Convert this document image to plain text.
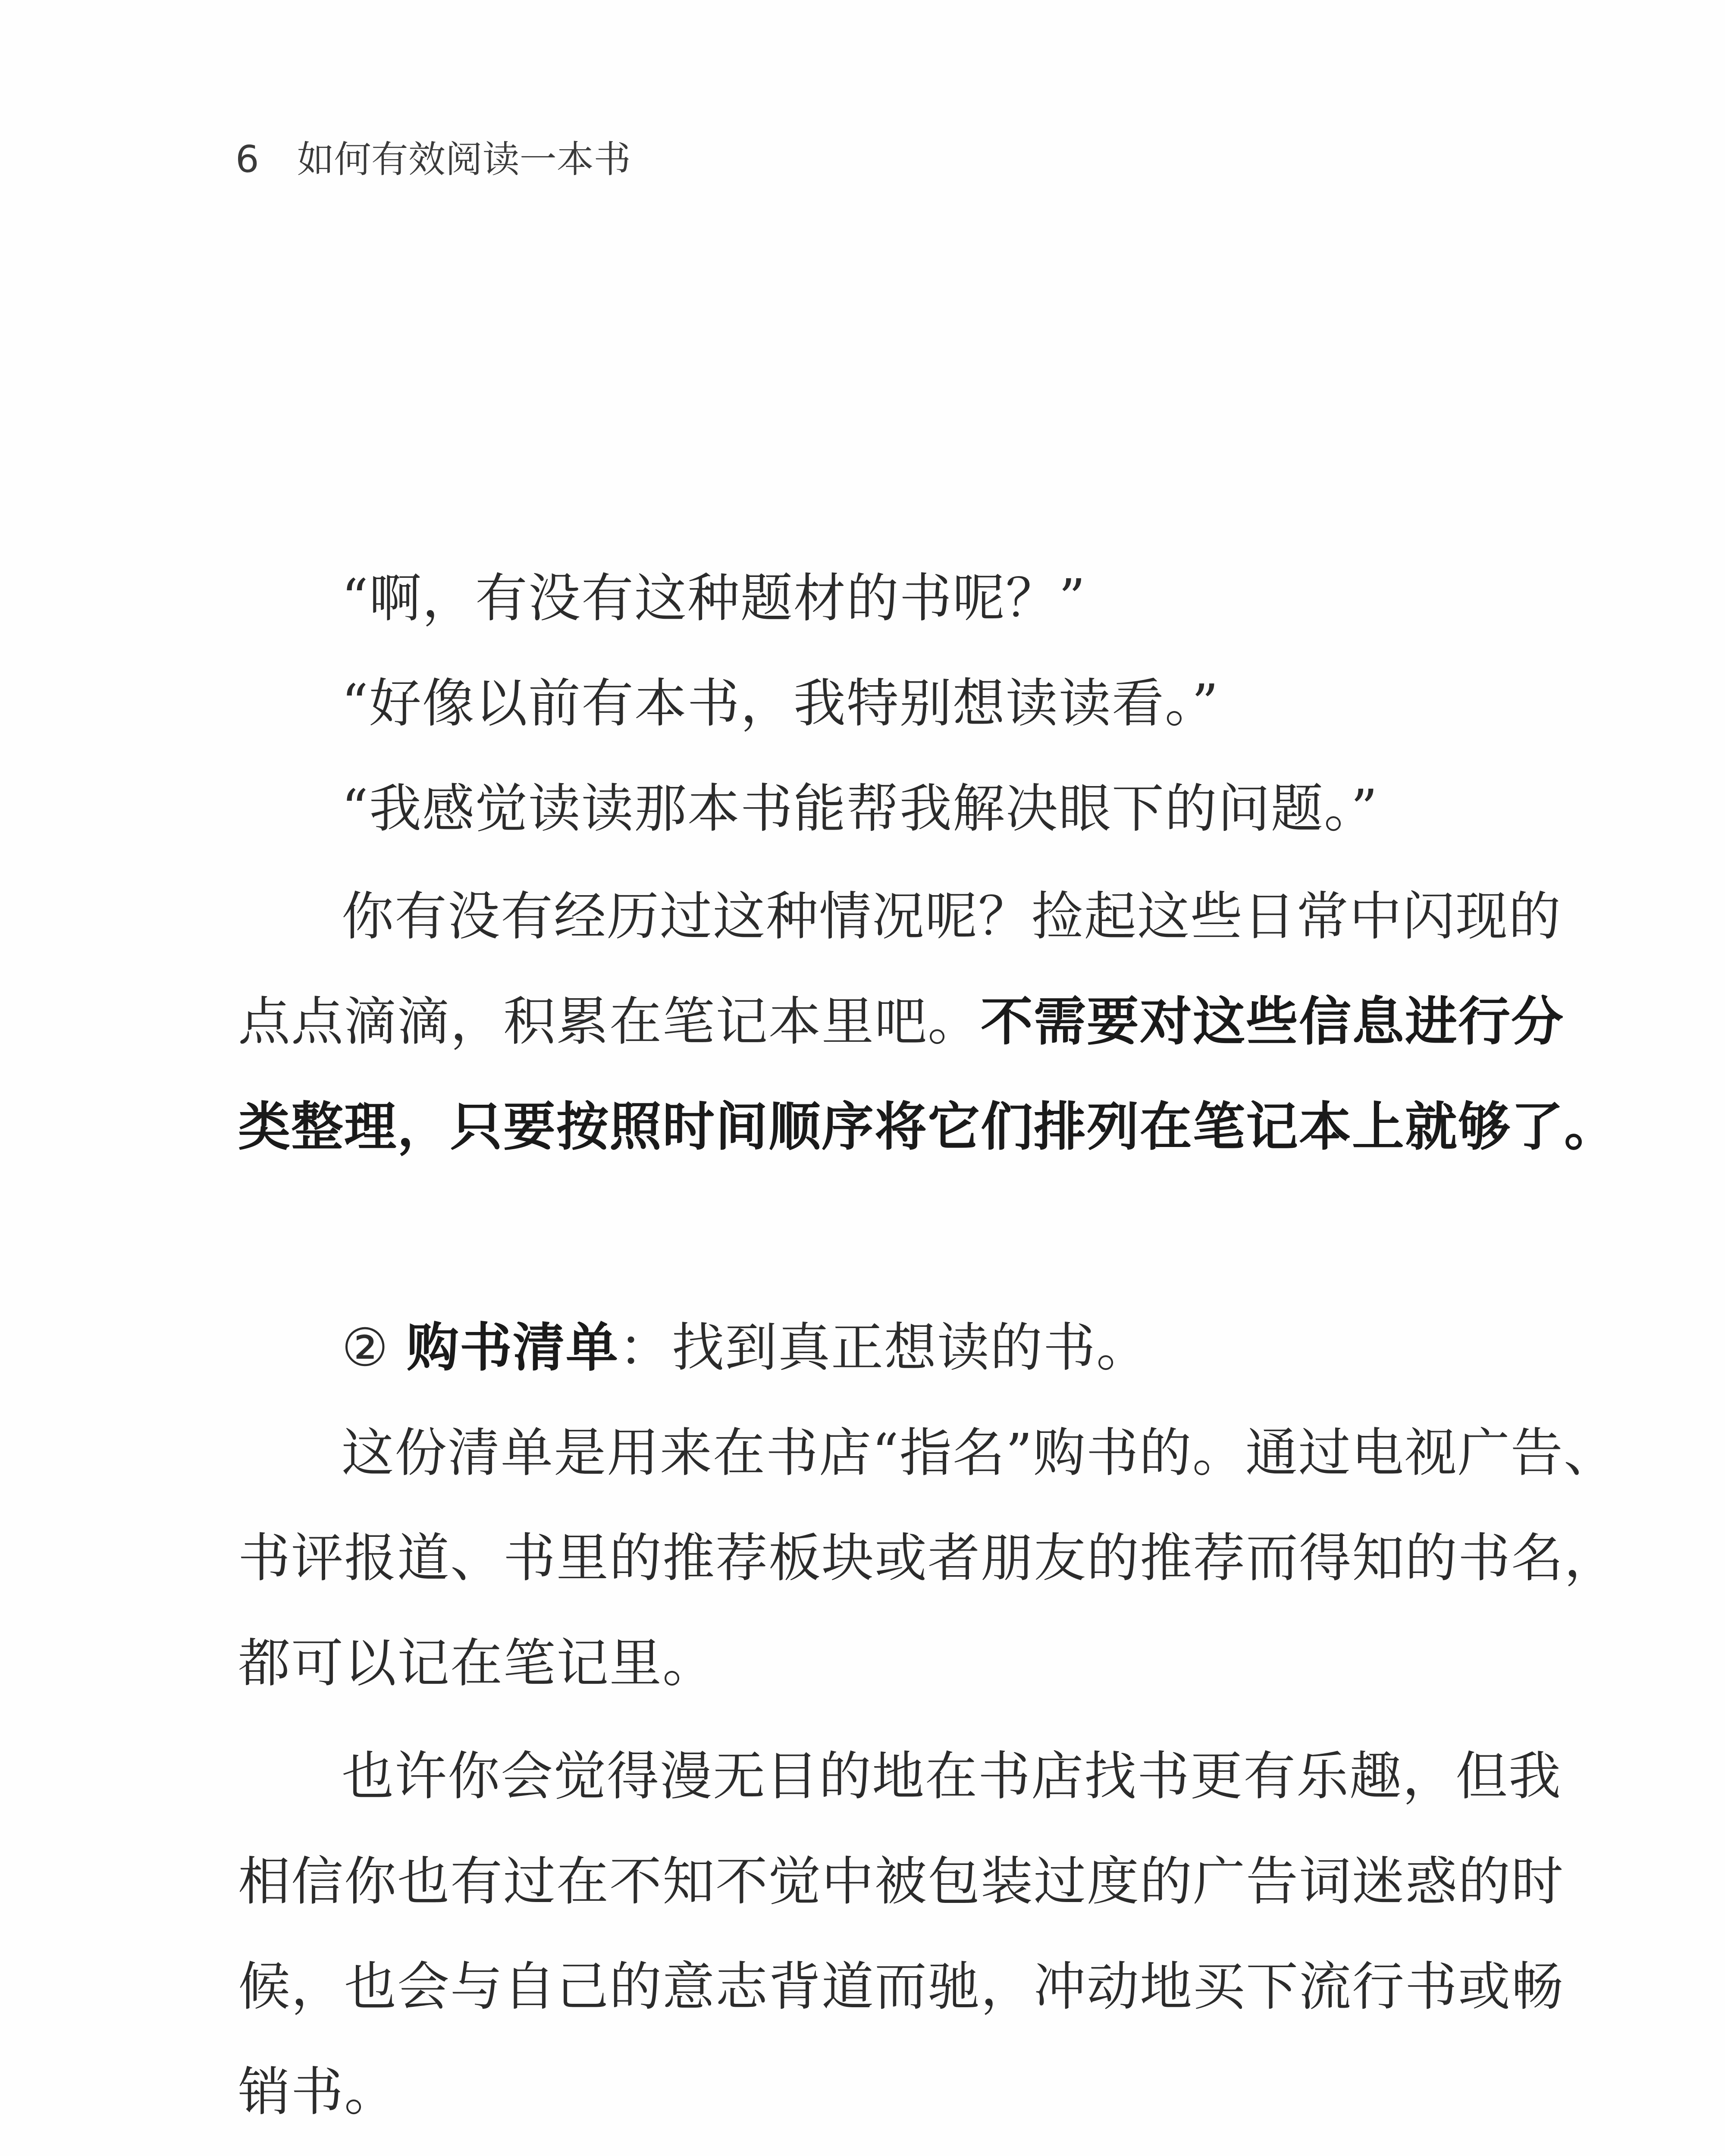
6 如何有效阅读一本书
“啊，有没有这种题材的书呢？”
“好像以前有本书，我特别想读读看。”
“我感觉读读那本书能帮我解决眼下的问题。”
你有没有经历过这种情况呢？捡起这些日常中闪现的
点点滴滴，积累在笔记本里吧。不需要对这些信息进行分
类整理，只要按照时间顺序将它们排列在笔记本上就够了。
② 购书清单：找到真正想读的书。
这份清单是用来在书店“指名”购书的。通过电视广告、
书评报道、书里的推荐板块或者朋友的推荐而得知的书名，
都可以记在笔记里。
也许你会觉得漫无目的地在书店找书更有乐趣，但我
相信你也有过在不知不觉中被包装过度的广告词迷惑的时
候，也会与自己的意志背道而驰，冲动地买下流行书或畅
销书。
